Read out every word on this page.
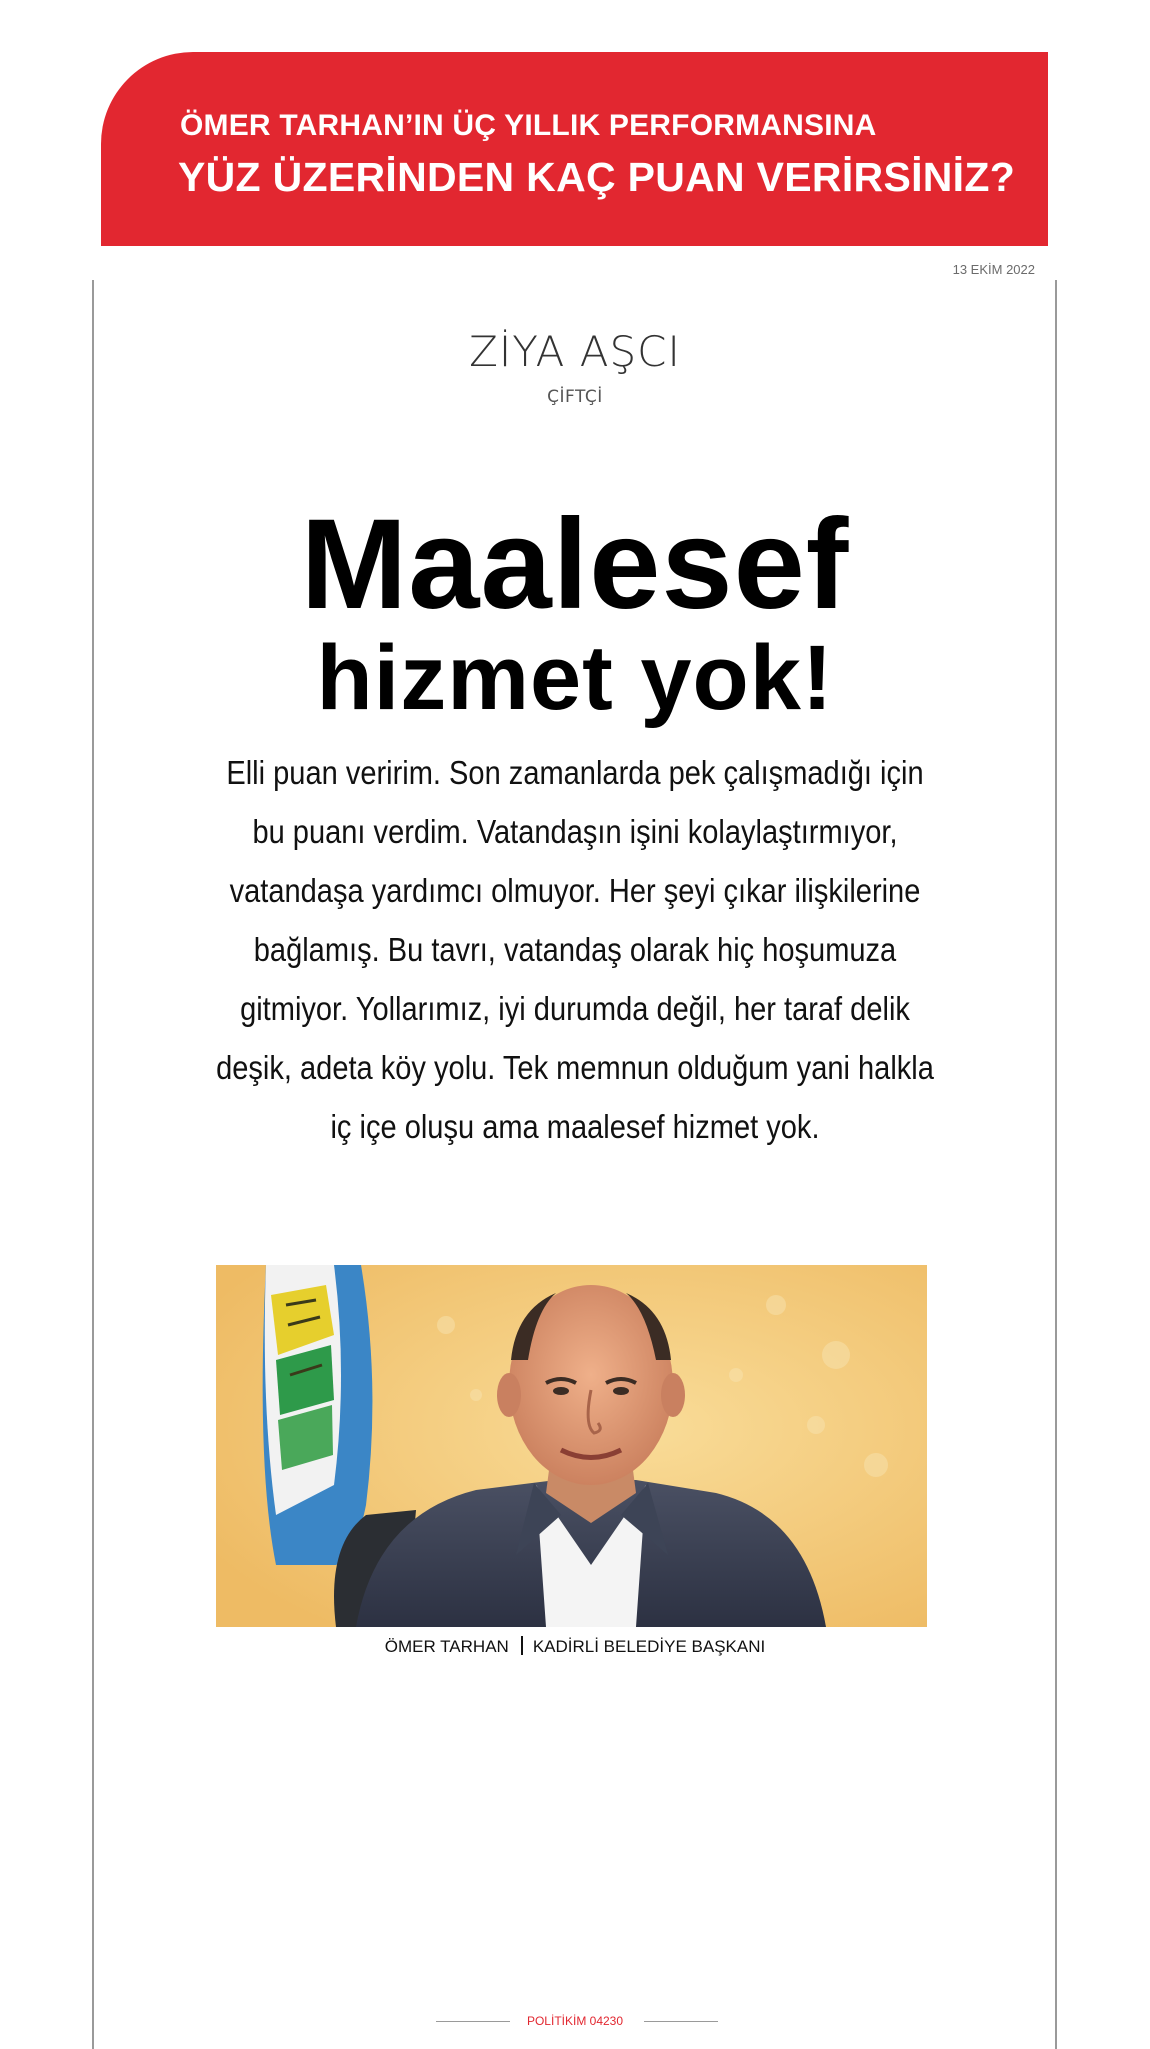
ÖMER TARHAN’IN ÜÇ YILLIK PERFORMANSINA
YÜZ ÜZERİNDEN KAÇ PUAN VERİRSİNİZ?
13 EKİM 2022
ZİYA AŞCI
ÇİFTÇİ
Maalesef
hizmet yok!

Elli puan veririm. Son zamanlarda pek çalışmadığı için bu puanı verdim. Vatandaşın işini kolaylaştırmıyor, vatandaşa yardımcı olmuyor. Her şeyi çıkar ilişkilerine bağlamış. Bu tavrı, vatandaş olarak hiç hoşumuza gitmiyor. Yollarımız, iyi durumda değil, her taraf delik deşik, adeta köy yolu. Tek memnun olduğum yani halkla iç içe oluşu ama maalesef hizmet yok.

ÖMER TARHAN KADİRLİ BELEDİYE BAŞKANI
POLİTİKİM 04230
